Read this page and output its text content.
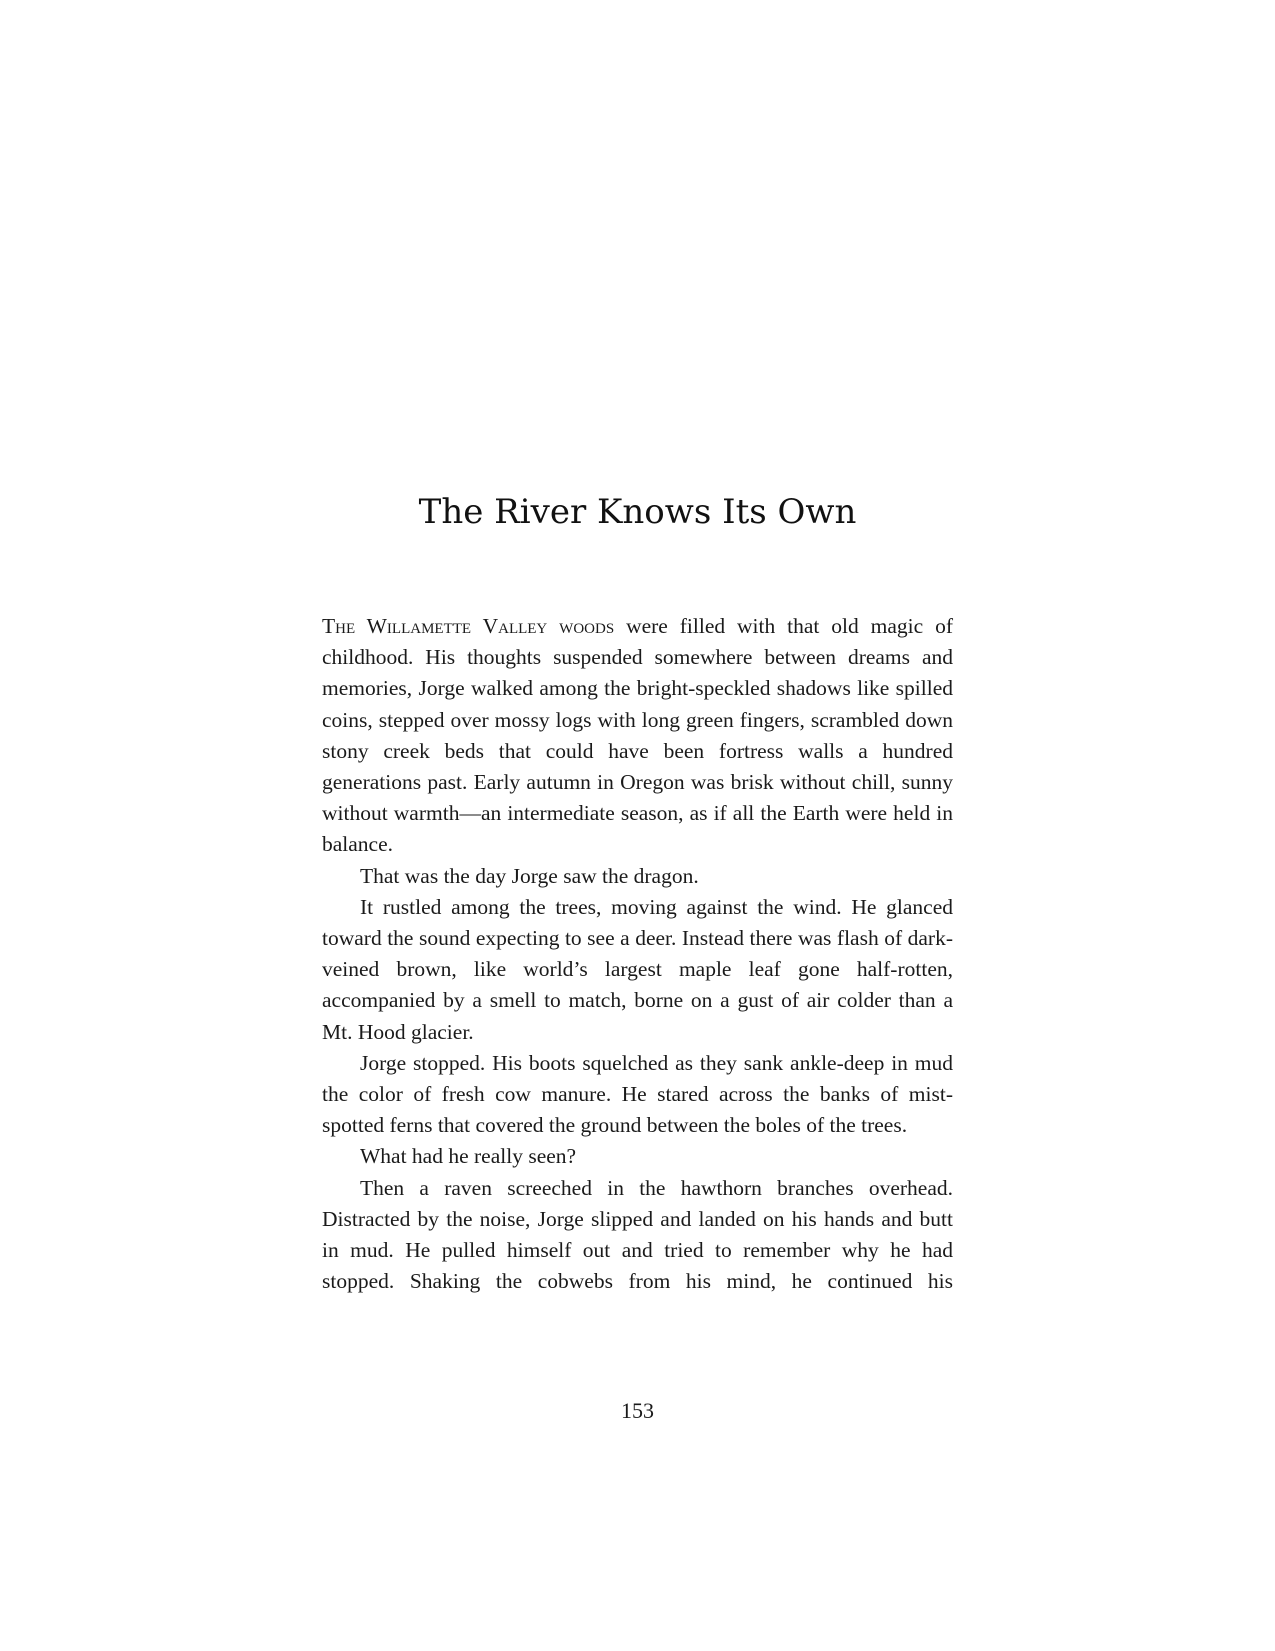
The River Knows Its Own

The Willamette Valley woods were filled with that old magic of childhood. His thoughts suspended somewhere between dreams and memories, Jorge walked among the bright-speckled shadows like spilled coins, stepped over mossy logs with long green fingers, scrambled down stony creek beds that could have been fortress walls a hundred generations past. Early autumn in Oregon was brisk without chill, sunny without warmth—an intermediate season, as if all the Earth were held in balance.

That was the day Jorge saw the dragon.

It rustled among the trees, moving against the wind. He glanced toward the sound expecting to see a deer. Instead there was flash of dark-veined brown, like world’s largest maple leaf gone half-rotten, accompanied by a smell to match, borne on a gust of air colder than a Mt. Hood glacier.

Jorge stopped. His boots squelched as they sank ankle-deep in mud the color of fresh cow manure. He stared across the banks of mist-spotted ferns that covered the ground between the boles of the trees.

What had he really seen?

Then a raven screeched in the hawthorn branches overhead. Distracted by the noise, Jorge slipped and landed on his hands and butt in mud. He pulled himself out and tried to remember why he had stopped. Shaking the cobwebs from his mind, he continued his

153
